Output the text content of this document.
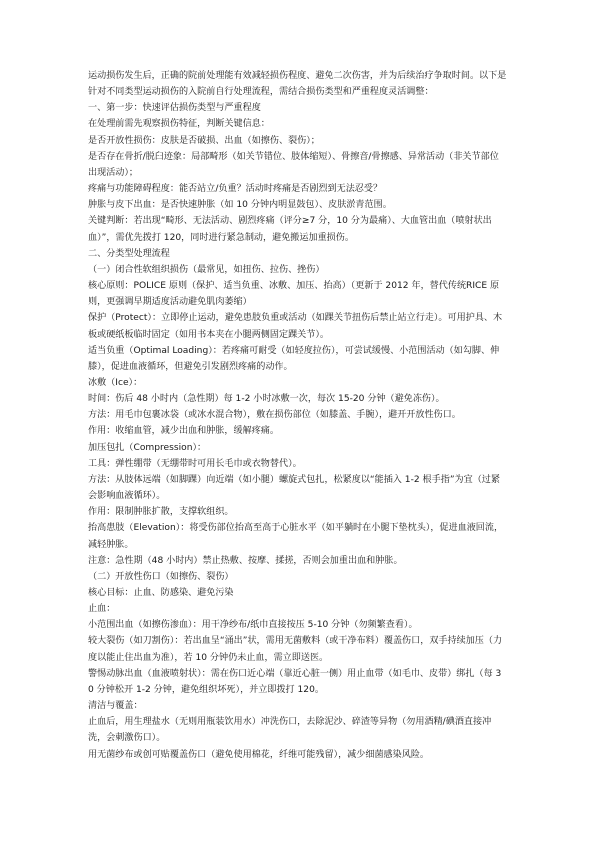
运动损伤发生后，正确的院前处理能有效减轻损伤程度、避免二次伤害，并为后续治疗争取时间。以下是针对不同类型运动损伤的入院前自行处理流程，需结合损伤类型和严重程度灵活调整：

一、第一步：快速评估损伤类型与严重程度

在处理前需先观察损伤特征，判断关键信息：

是否开放性损伤：皮肤是否破损、出血（如擦伤、裂伤）；

是否存在骨折/脱臼迹象：局部畸形（如关节错位、肢体缩短）、骨擦音/骨擦感、异常活动（非关节部位出现活动）；

疼痛与功能障碍程度：能否站立/负重？活动时疼痛是否剧烈到无法忍受？

肿胀与皮下出血：是否快速肿胀（如 10 分钟内明显鼓包）、皮肤淤青范围。

关键判断：若出现“畸形、无法活动、剧烈疼痛（评分≥7 分，10 分为最痛）、大血管出血（喷射状出血）”，需优先拨打 120，同时进行紧急制动，避免搬运加重损伤。

二、分类型处理流程

（一）闭合性软组织损伤（最常见，如扭伤、拉伤、挫伤）

核心原则：POLICE 原则（保护、适当负重、冰敷、加压、抬高）（更新于 2012 年，替代传统RICE 原则，更强调早期适度活动避免肌肉萎缩）

保护（Protect）：立即停止运动，避免患肢负重或活动（如踝关节扭伤后禁止站立行走）。可用护具、木板或硬纸板临时固定（如用书本夹在小腿两侧固定踝关节）。

适当负重（Optimal Loading）：若疼痛可耐受（如轻度拉伤），可尝试缓慢、小范围活动（如勾脚、伸膝），促进血液循环，但避免引发剧烈疼痛的动作。

冰敷（Ice）：

时间：伤后 48 小时内（急性期）每 1-2 小时冰敷一次，每次 15-20 分钟（避免冻伤）。

方法：用毛巾包裹冰袋（或冰水混合物），敷在损伤部位（如膝盖、手腕），避开开放性伤口。

作用：收缩血管，减少出血和肿胀，缓解疼痛。

加压包扎（Compression）：

工具：弹性绷带（无绷带时可用长毛巾或衣物替代）。

方法：从肢体远端（如脚踝）向近端（如小腿）螺旋式包扎，松紧度以“能插入 1-2 根手指”为宜（过紧会影响血液循环）。

作用：限制肿胀扩散，支撑软组织。

抬高患肢（Elevation）：将受伤部位抬高至高于心脏水平（如平躺时在小腿下垫枕头），促进血液回流，减轻肿胀。

注意：急性期（48 小时内）禁止热敷、按摩、揉搓，否则会加重出血和肿胀。

（二）开放性伤口（如擦伤、裂伤）

核心目标：止血、防感染、避免污染

止血：

小范围出血（如擦伤渗血）：用干净纱布/纸巾直接按压 5-10 分钟（勿频繁查看）。

较大裂伤（如刀割伤）：若出血呈“涌出”状，需用无菌敷料（或干净布料）覆盖伤口，双手持续加压（力度以能止住出血为准），若 10 分钟仍未止血，需立即送医。

警惕动脉出血（血液喷射状）：需在伤口近心端（靠近心脏一侧）用止血带（如毛巾、皮带）绑扎（每 30 分钟松开 1-2 分钟，避免组织坏死），并立即拨打 120。

清洁与覆盖：

止血后，用生理盐水（无则用瓶装饮用水）冲洗伤口，去除泥沙、碎渣等异物（勿用酒精/碘酒直接冲洗，会刺激伤口）。

用无菌纱布或创可贴覆盖伤口（避免使用棉花，纤维可能残留），减少细菌感染风险。
